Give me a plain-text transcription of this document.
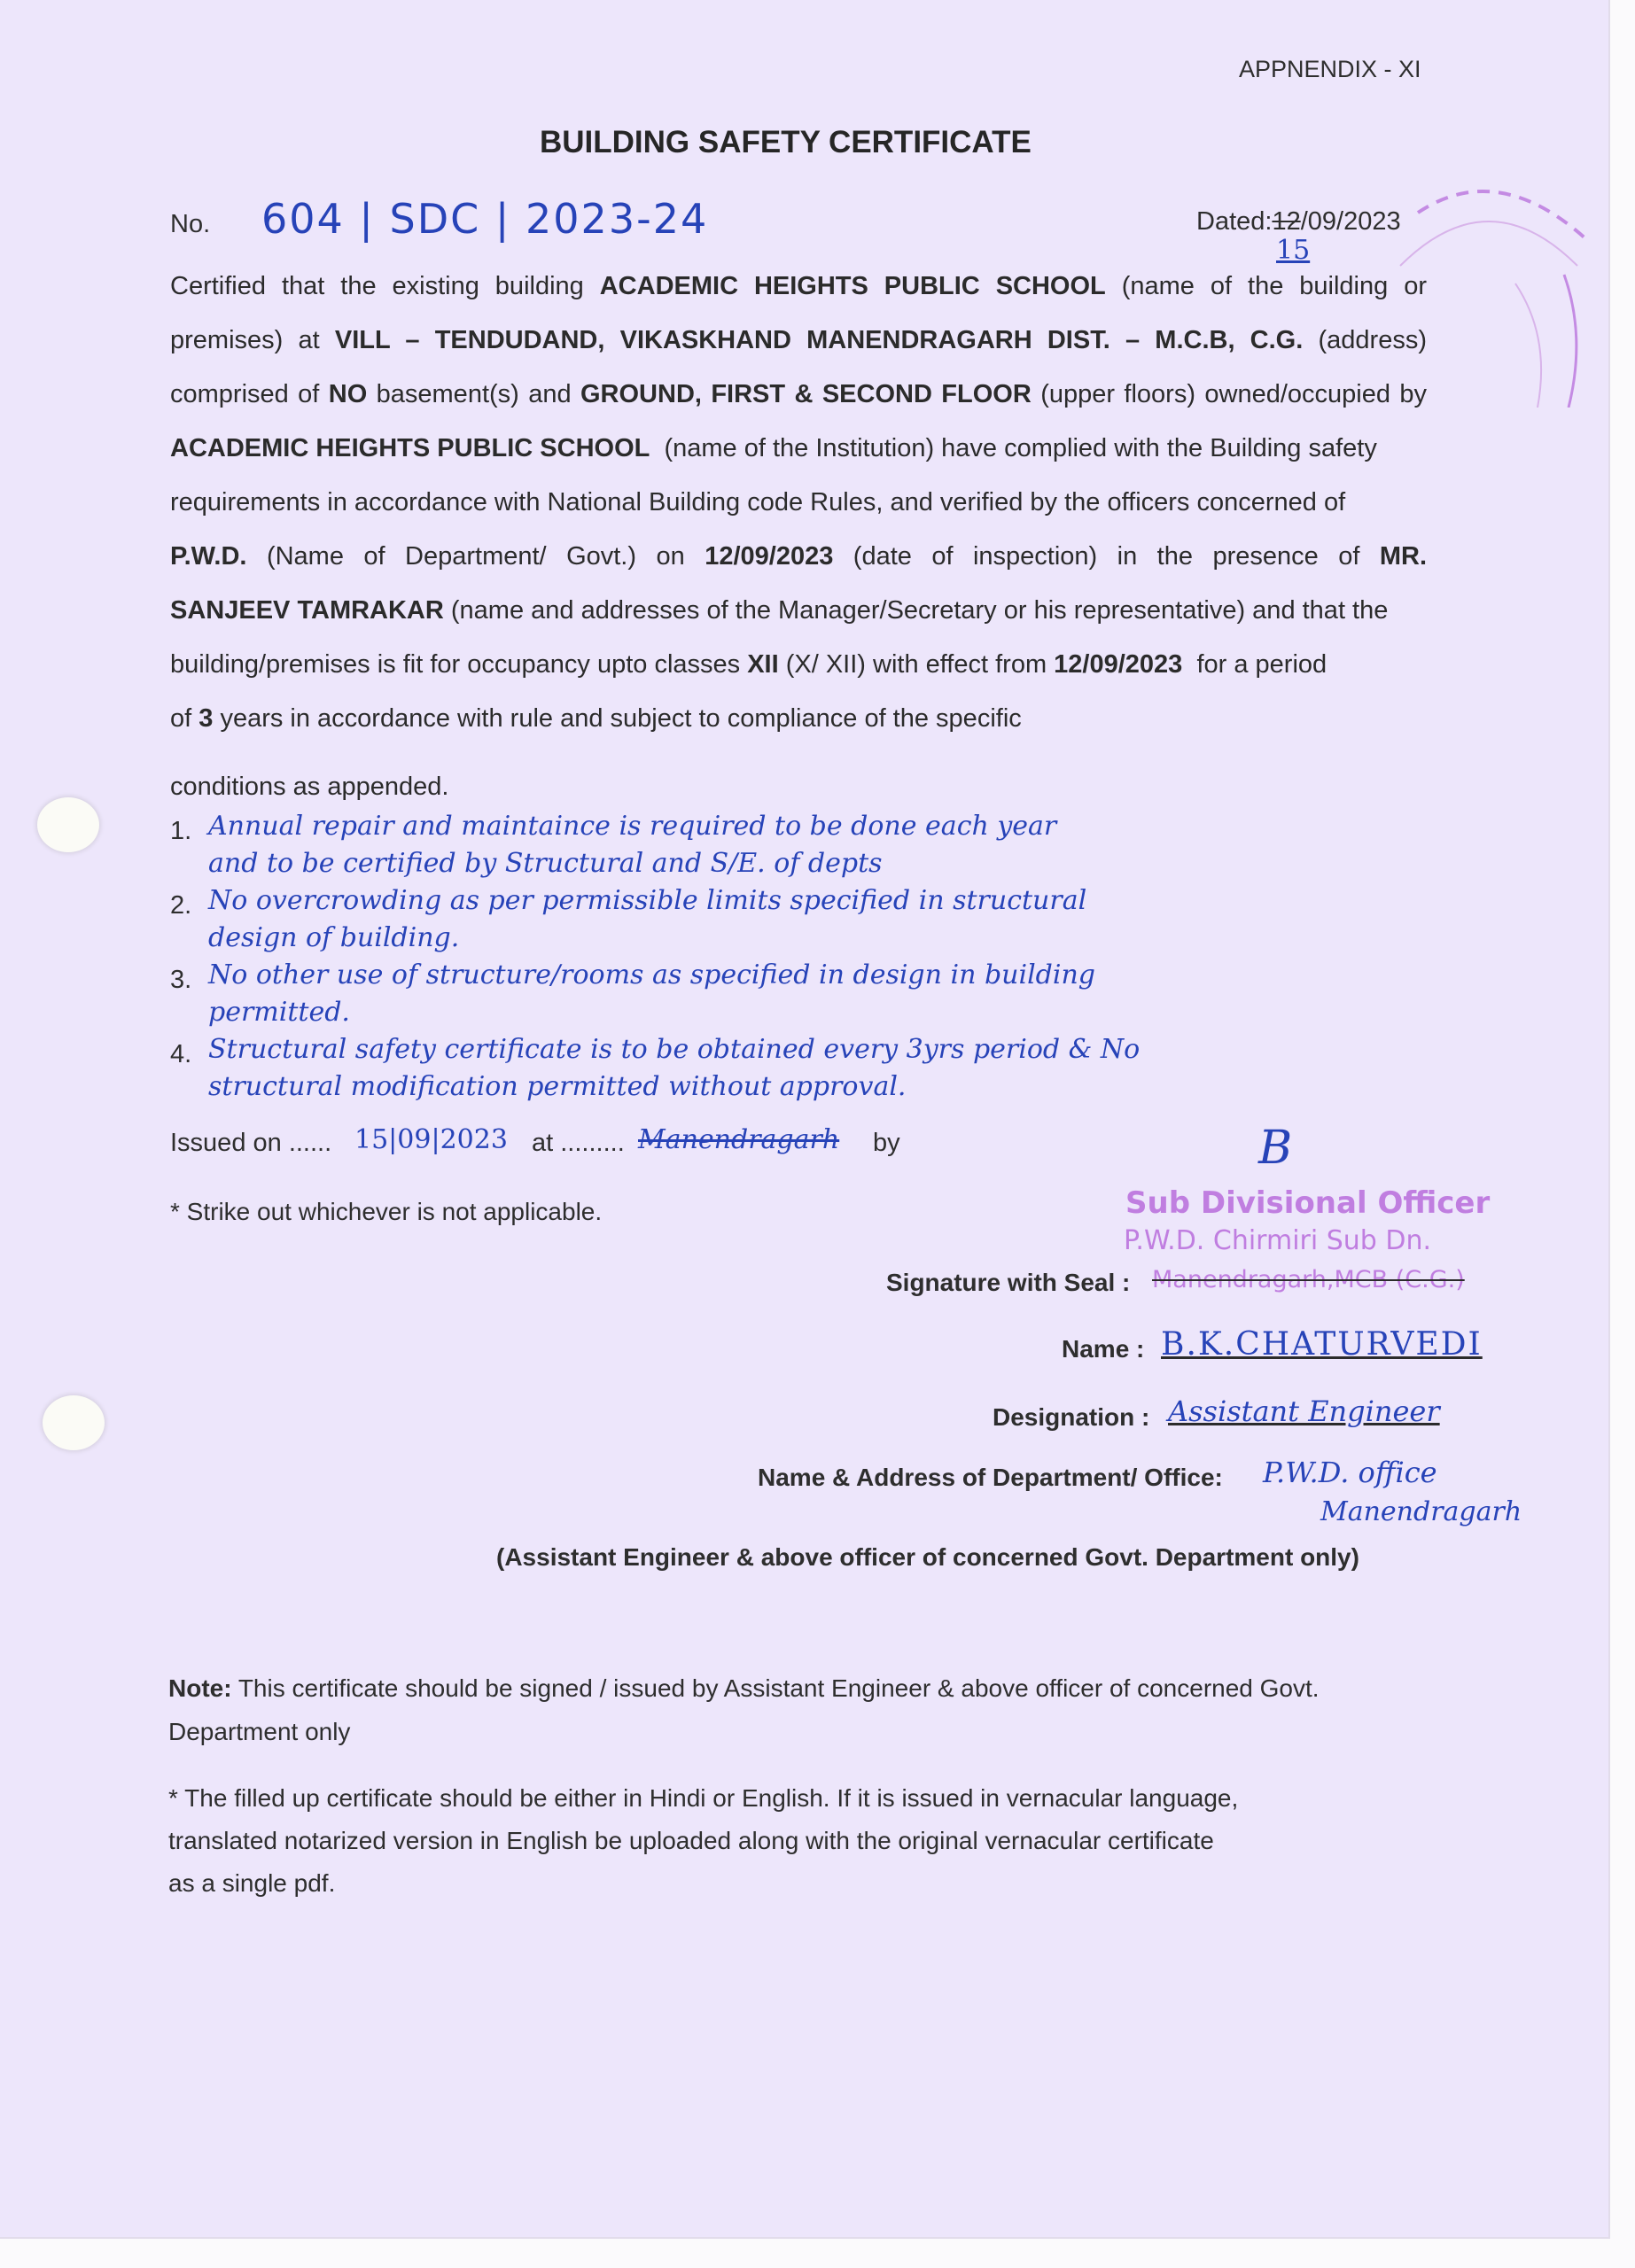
APPNENDIX - XI
BUILDING SAFETY CERTIFICATE
No. 604 | SDC | 2023-24	Dated:12/09/2023
15
Certified that the existing building ACADEMIC HEIGHTS PUBLIC SCHOOL (name of the building or
premises) at VILL – TENDUDAND, VIKASKHAND MANENDRAGARH DIST. – M.C.B, C.G. (address)
comprised of NO basement(s) and GROUND, FIRST & SECOND FLOOR (upper floors) owned/occupied by
ACADEMIC HEIGHTS PUBLIC SCHOOL  (name of the Institution) have complied with the Building safety
requirements in accordance with National Building code Rules, and verified by the officers concerned of
P.W.D. (Name of Department/ Govt.) on 12/09/2023 (date of inspection) in the presence of MR.
SANJEEV TAMRAKAR (name and addresses of the Manager/Secretary or his representative) and that the
building/premises is fit for occupancy upto classes XII (X/ XII) with effect from 12/09/2023  for a period
of 3 years in accordance with rule and subject to compliance of the specific
conditions as appended.
1. Annual repair and maintaince is required to be done each year
and to be certified by Structural and S/E. of depts
2. No overcrowding as per permissible limits specified in structural
design of building.
3. No other use of structure/rooms as specified in design in building
permitted.
4. Structural safety certificate is to be obtained every 3yrs period & No
structural modification permitted without approval.
Issued on ...... 15|09|2023 at ......... Manendragarh by
* Strike out whichever is not applicable.
B
Sub Divisional Officer
P.W.D. Chirmiri Sub Dn.
Signature with Seal : Manendragarh,MCB (C.G.)
Name : B.K.CHATURVEDI
Designation : Assistant Engineer
Name & Address of Department/ Office: P.W.D. office
Manendragarh
(Assistant Engineer & above officer of concerned Govt. Department only)
Note: This certificate should be signed / issued by Assistant Engineer & above officer of concerned Govt.
Department only
* The filled up certificate should be either in Hindi or English. If it is issued in vernacular language,
translated notarized version in English be uploaded along with the original vernacular certificate
as a single pdf.
